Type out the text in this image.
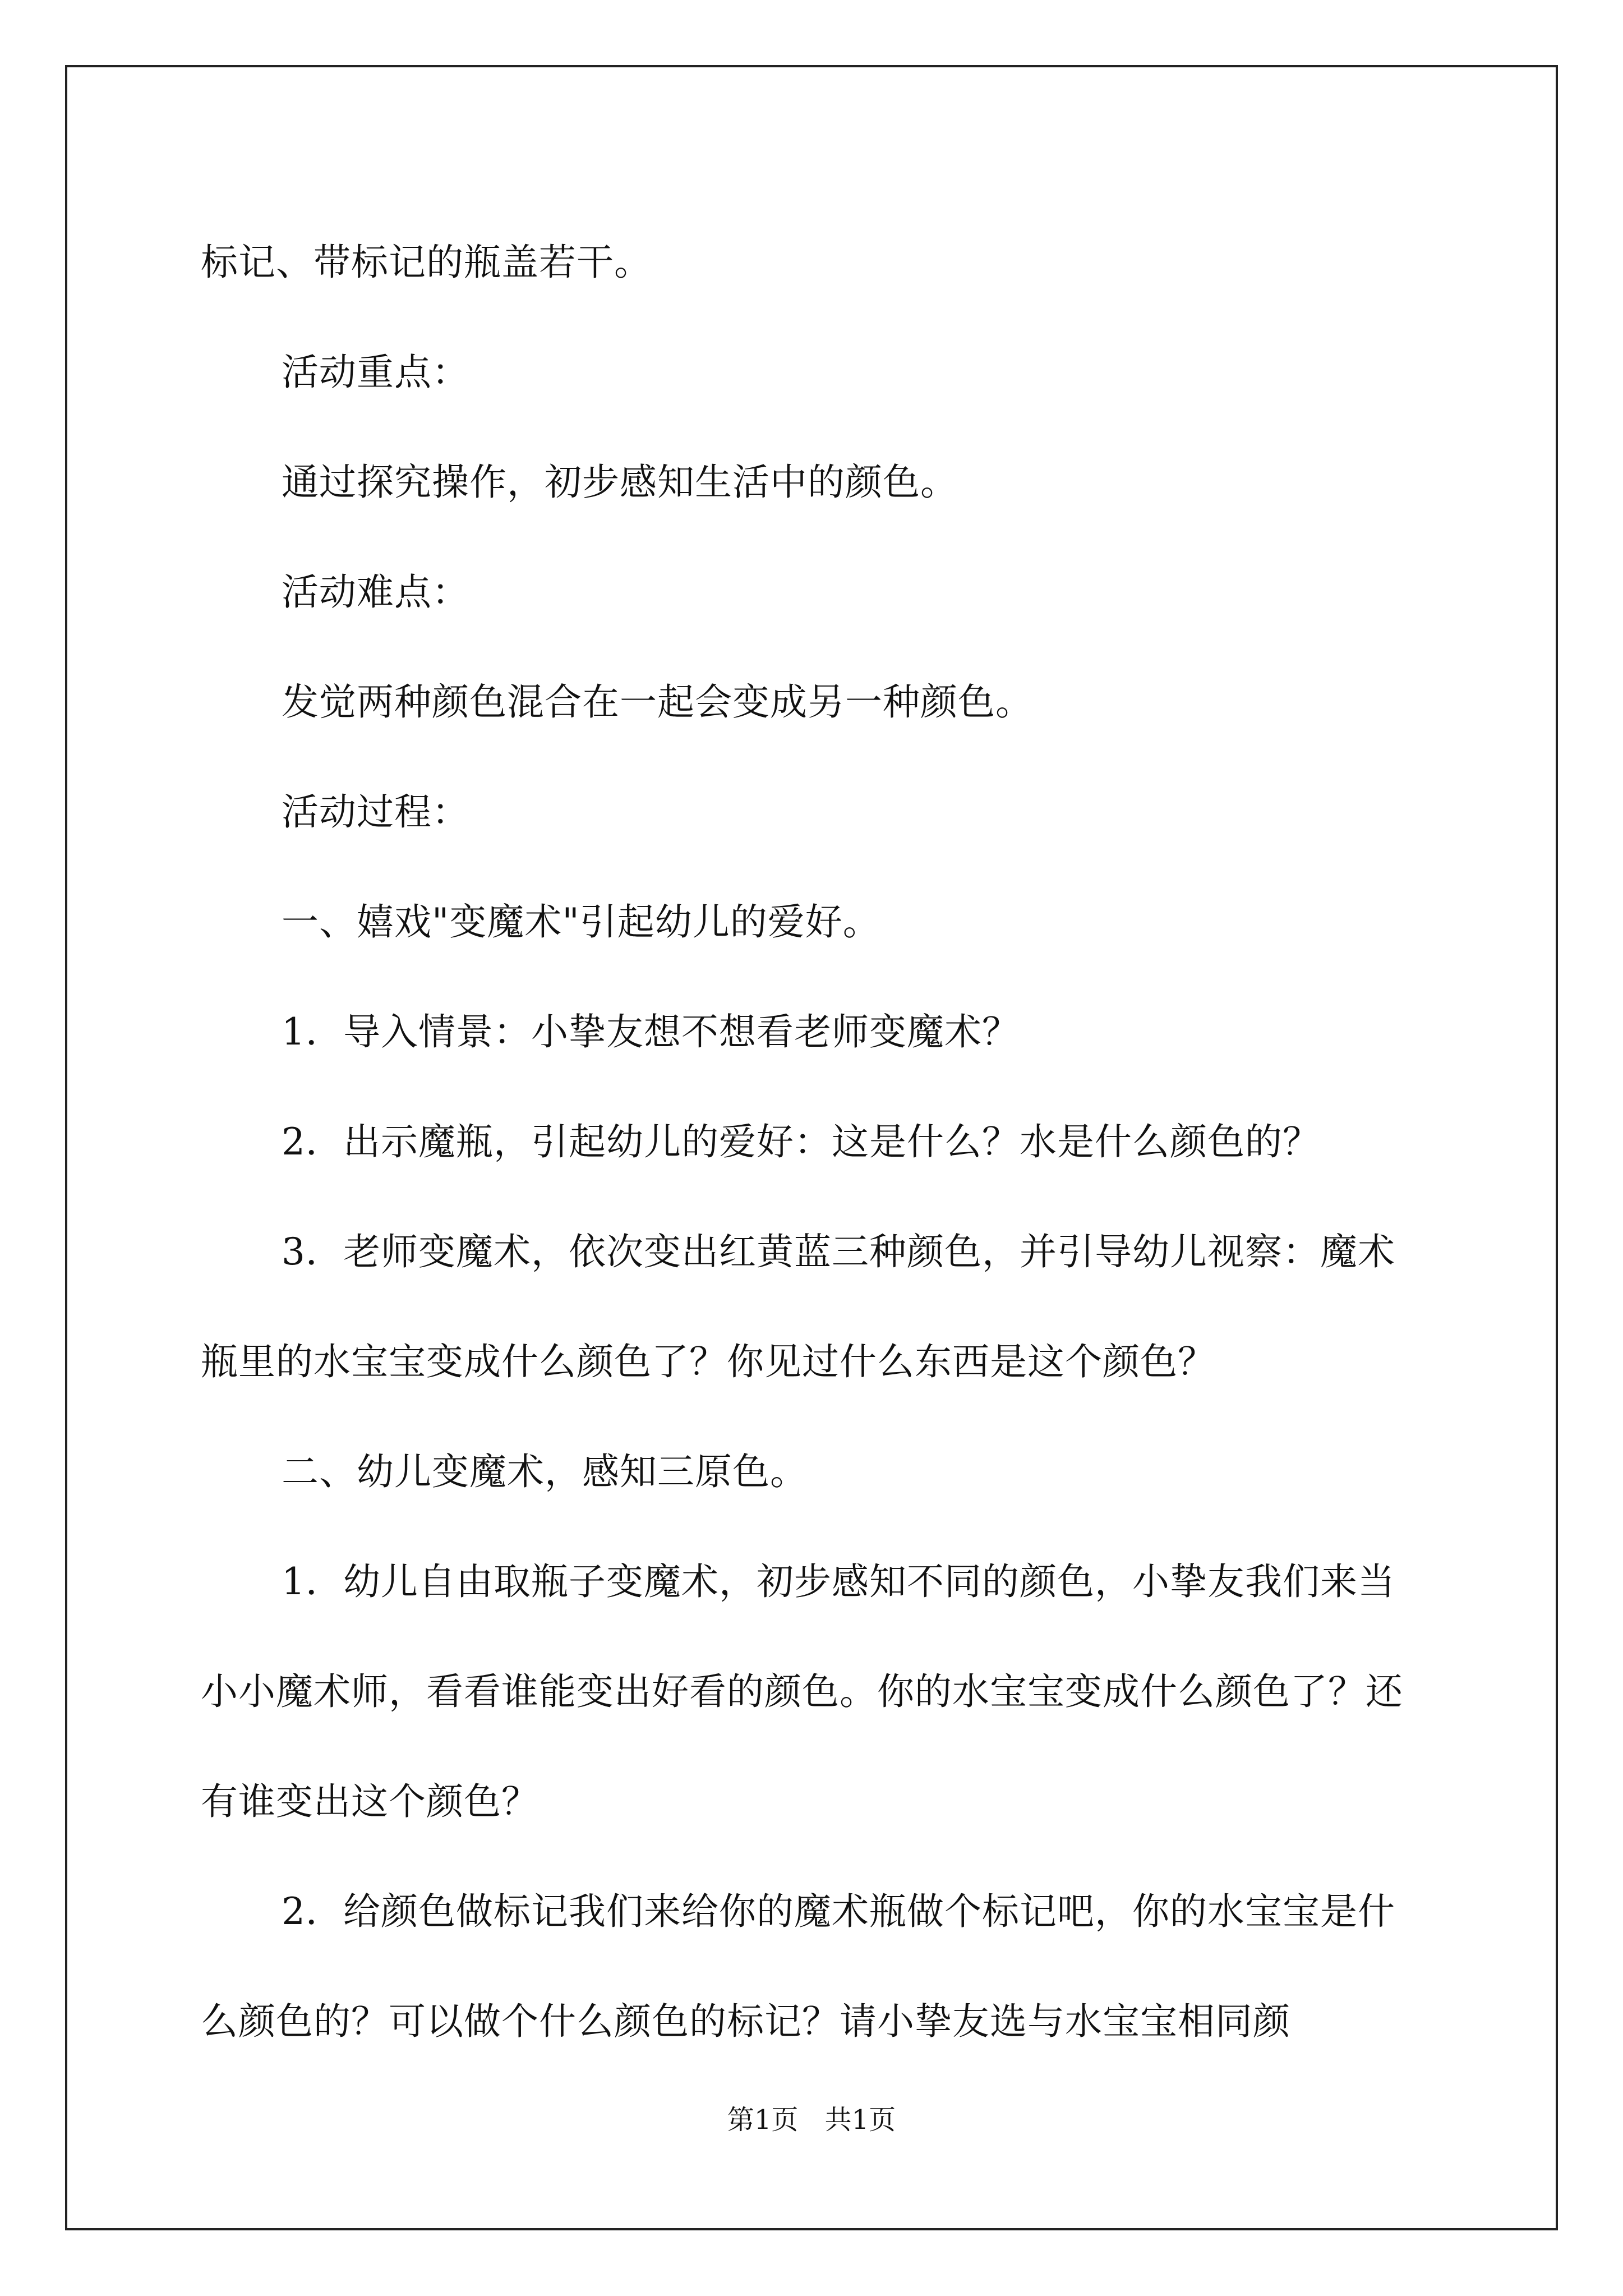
标记、带标记的瓶盖若干。

活动重点：

通过探究操作，初步感知生活中的颜色。

活动难点：

发觉两种颜色混合在一起会变成另一种颜色。

活动过程：

一、嬉戏"变魔术"引起幼儿的爱好。

1．导入情景：小挚友想不想看老师变魔术？

2．出示魔瓶，引起幼儿的爱好：这是什么？水是什么颜色的？

3．老师变魔术，依次变出红黄蓝三种颜色，并引导幼儿视察：魔术瓶里的水宝宝变成什么颜色了？你见过什么东西是这个颜色？

二、幼儿变魔术，感知三原色。

1．幼儿自由取瓶子变魔术，初步感知不同的颜色，小挚友我们来当小小魔术师，看看谁能变出好看的颜色。你的水宝宝变成什么颜色了？还有谁变出这个颜色？

2．给颜色做标记我们来给你的魔术瓶做个标记吧，你的水宝宝是什么颜色的？可以做个什么颜色的标记？请小挚友选与水宝宝相同颜

第1页 共1页
